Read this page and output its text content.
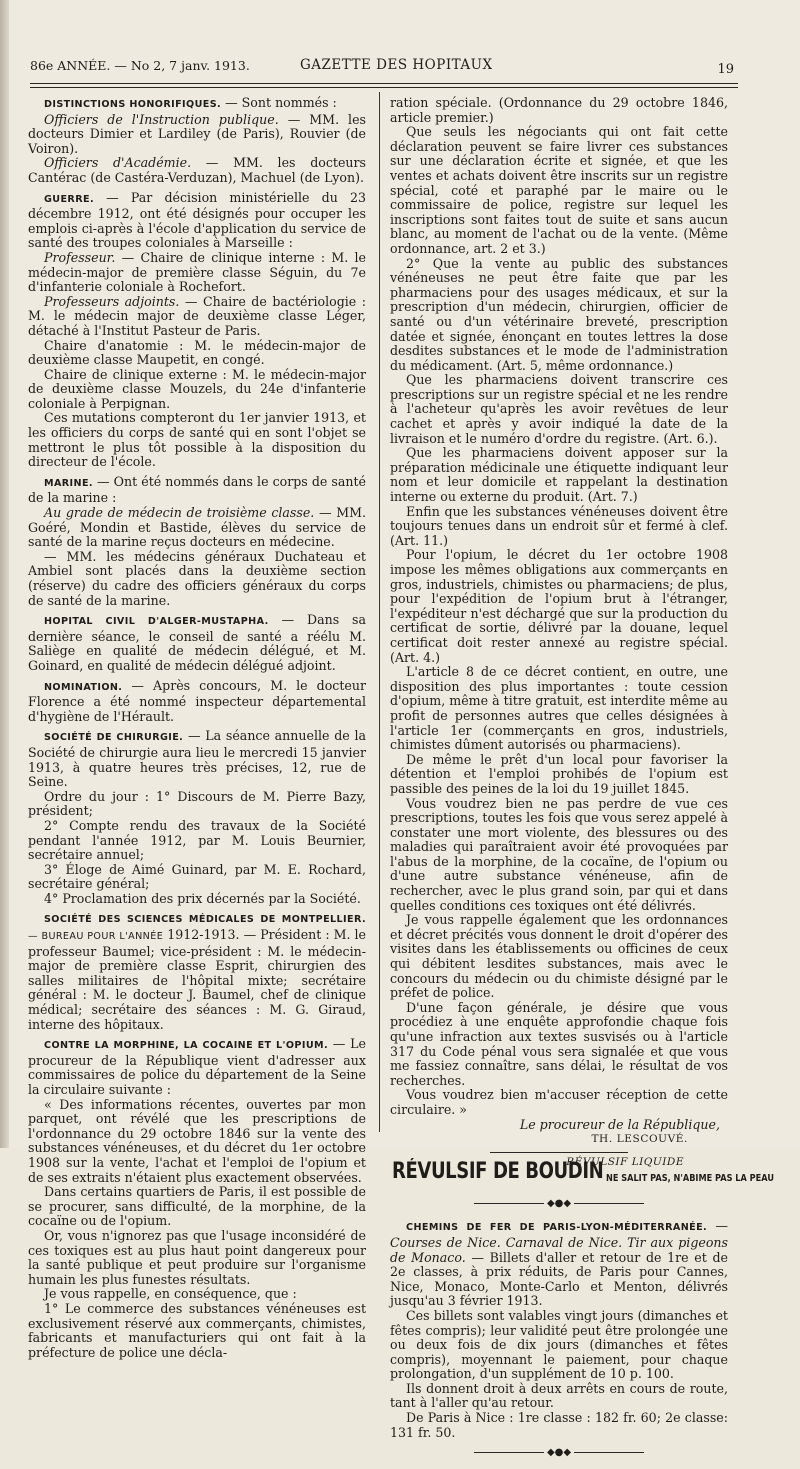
86e ANNÉE. — No 2, 7 janv. 1913.	GAZETTE DES HOPITAUX	19

DISTINCTIONS HONORIFIQUES. — Sont nommés :

Officiers de l'Instruction publique. — MM. les docteurs Dimier et Lardiley (de Paris), Rouvier (de Voiron).

Officiers d'Académie. — MM. les docteurs Cantérac (de Castéra-Verduzan), Machuel (de Lyon).

GUERRE. — Par décision ministérielle du 23 décembre 1912, ont été désignés pour occuper les emplois ci-après à l'école d'application du service de santé des troupes coloniales à Marseille :

Professeur. — Chaire de clinique interne : M. le médecin-major de première classe Séguin, du 7e d'infanterie coloniale à Rochefort.

Professeurs adjoints. — Chaire de bactériologie : M. le médecin major de deuxième classe Léger, détaché à l'Institut Pasteur de Paris.

Chaire d'anatomie : M. le médecin-major de deuxième classe Maupetit, en congé.

Chaire de clinique externe : M. le médecin-major de deuxième classe Mouzels, du 24e d'infanterie coloniale à Perpignan.

Ces mutations compteront du 1er janvier 1913, et les officiers du corps de santé qui en sont l'objet se mettront le plus tôt possible à la disposition du directeur de l'école.

MARINE. — Ont été nommés dans le corps de santé de la marine :

Au grade de médecin de troisième classe. — MM. Goéré, Mondin et Bastide, élèves du service de santé de la marine reçus docteurs en médecine.

— MM. les médecins généraux Duchateau et Ambiel sont placés dans la deuxième section (réserve) du cadre des officiers généraux du corps de santé de la marine.

HOPITAL CIVIL D'ALGER-MUSTAPHA. — Dans sa dernière séance, le conseil de santé a réélu M. Saliège en qualité de médecin délégué, et M. Goinard, en qualité de médecin délégué adjoint.

NOMINATION. — Après concours, M. le docteur Florence a été nommé inspecteur départemental d'hygiène de l'Hérault.

SOCIÉTÉ DE CHIRURGIE. — La séance annuelle de la Société de chirurgie aura lieu le mercredi 15 janvier 1913, à quatre heures très précises, 12, rue de Seine.

Ordre du jour : 1° Discours de M. Pierre Bazy, président;

2° Compte rendu des travaux de la Société pendant l'année 1912, par M. Louis Beurnier, secrétaire annuel;

3° Éloge de Aimé Guinard, par M. E. Rochard, secrétaire général;

4° Proclamation des prix décernés par la Société.

SOCIÉTÉ DES SCIENCES MÉDICALES DE MONTPELLIER. — BUREAU POUR L'ANNÉE 1912-1913. — Président : M. le professeur Baumel; vice-président : M. le médecin-major de première classe Esprit, chirurgien des salles militaires de l'hôpital mixte; secrétaire général : M. le docteur J. Baumel, chef de clinique médical; secrétaire des séances : M. G. Giraud, interne des hôpitaux.

CONTRE LA MORPHINE, LA COCAINE ET L'OPIUM. — Le procureur de la République vient d'adresser aux commissaires de police du département de la Seine la circulaire suivante :

« Des informations récentes, ouvertes par mon parquet, ont révélé que les prescriptions de l'ordonnance du 29 octobre 1846 sur la vente des substances vénéneuses, et du décret du 1er octobre 1908 sur la vente, l'achat et l'emploi de l'opium et de ses extraits n'étaient plus exactement observées.

Dans certains quartiers de Paris, il est possible de se procurer, sans difficulté, de la morphine, de la cocaïne ou de l'opium.

Or, vous n'ignorez pas que l'usage inconsidéré de ces toxiques est au plus haut point dangereux pour la santé publique et peut produire sur l'organisme humain les plus funestes résultats.

Je vous rappelle, en conséquence, que :

1° Le commerce des substances vénéneuses est exclusivement réservé aux commerçants, chimistes, fabricants et manufacturiers qui ont fait à la préfecture de police une décla-

ration spéciale. (Ordonnance du 29 octobre 1846, article premier.)

Que seuls les négociants qui ont fait cette déclaration peuvent se faire livrer ces substances sur une déclaration écrite et signée, et que les ventes et achats doivent être inscrits sur un registre spécial, coté et paraphé par le maire ou le commissaire de police, registre sur lequel les inscriptions sont faites tout de suite et sans aucun blanc, au moment de l'achat ou de la vente. (Même ordonnance, art. 2 et 3.)

2° Que la vente au public des substances vénéneuses ne peut être faite que par les pharmaciens pour des usages médicaux, et sur la prescription d'un médecin, chirurgien, officier de santé ou d'un vétérinaire breveté, prescription datée et signée, énonçant en toutes lettres la dose desdites substances et le mode de l'administration du médicament. (Art. 5, même ordonnance.)

Que les pharmaciens doivent transcrire ces prescriptions sur un registre spécial et ne les rendre à l'acheteur qu'après les avoir revêtues de leur cachet et après y avoir indiqué la date de la livraison et le numéro d'ordre du registre. (Art. 6.).

Que les pharmaciens doivent apposer sur la préparation médicinale une étiquette indiquant leur nom et leur domicile et rappelant la destination interne ou externe du produit. (Art. 7.)

Enfin que les substances vénéneuses doivent être toujours tenues dans un endroit sûr et fermé à clef. (Art. 11.)

Pour l'opium, le décret du 1er octobre 1908 impose les mêmes obligations aux commerçants en gros, industriels, chimistes ou pharmaciens; de plus, pour l'expédition de l'opium brut à l'étranger, l'expéditeur n'est déchargé que sur la production du certificat de sortie, délivré par la douane, lequel certificat doit rester annexé au registre spécial. (Art. 4.)

L'article 8 de ce décret contient, en outre, une disposition des plus importantes : toute cession d'opium, même à titre gratuit, est interdite même au profit de personnes autres que celles désignées à l'article 1er (commerçants en gros, industriels, chimistes dûment autorisés ou pharmaciens).

De même le prêt d'un local pour favoriser la détention et l'emploi prohibés de l'opium est passible des peines de la loi du 19 juillet 1845.

Vous voudrez bien ne pas perdre de vue ces prescriptions, toutes les fois que vous serez appelé à constater une mort violente, des blessures ou des maladies qui paraîtraient avoir été provoquées par l'abus de la morphine, de la cocaïne, de l'opium ou d'une autre substance vénéneuse, afin de rechercher, avec le plus grand soin, par qui et dans quelles conditions ces toxiques ont été délivrés.

Je vous rappelle également que les ordonnances et décret précités vous donnent le droit d'opérer des visites dans les établissements ou officines de ceux qui débitent lesdites substances, mais avec le concours du médecin ou du chimiste désigné par le préfet de police.

D'une façon générale, je désire que vous procédiez à une enquête approfondie chaque fois qu'une infraction aux textes susvisés ou à l'article 317 du Code pénal vous sera signalée et que vous me fassiez connaître, sans délai, le résultat de vos recherches.

Vous voudrez bien m'accuser réception de cette circulaire. »

Le procureur de la République,

TH. LESCOUVÉ.

RÉVULSIF LIQUIDE
RÉVULSIF DE BOUDIN NE SALIT PAS, N'ABIME PAS LA PEAU
◆●◆

CHEMINS DE FER DE PARIS-LYON-MÉDITERRANÉE. — Courses de Nice. Carnaval de Nice. Tir aux pigeons de Monaco. — Billets d'aller et retour de 1re et de 2e classes, à prix réduits, de Paris pour Cannes, Nice, Monaco, Monte-Carlo et Menton, délivrés jusqu'au 3 février 1913.

Ces billets sont valables vingt jours (dimanches et fêtes compris); leur validité peut être prolongée une ou deux fois de dix jours (dimanches et fêtes compris), moyennant le paiement, pour chaque prolongation, d'un supplément de 10 p. 100.

Ils donnent droit à deux arrêts en cours de route, tant à l'aller qu'au retour.

De Paris à Nice : 1re classe : 182 fr. 60; 2e classe: 131 fr. 50.

◆●◆
